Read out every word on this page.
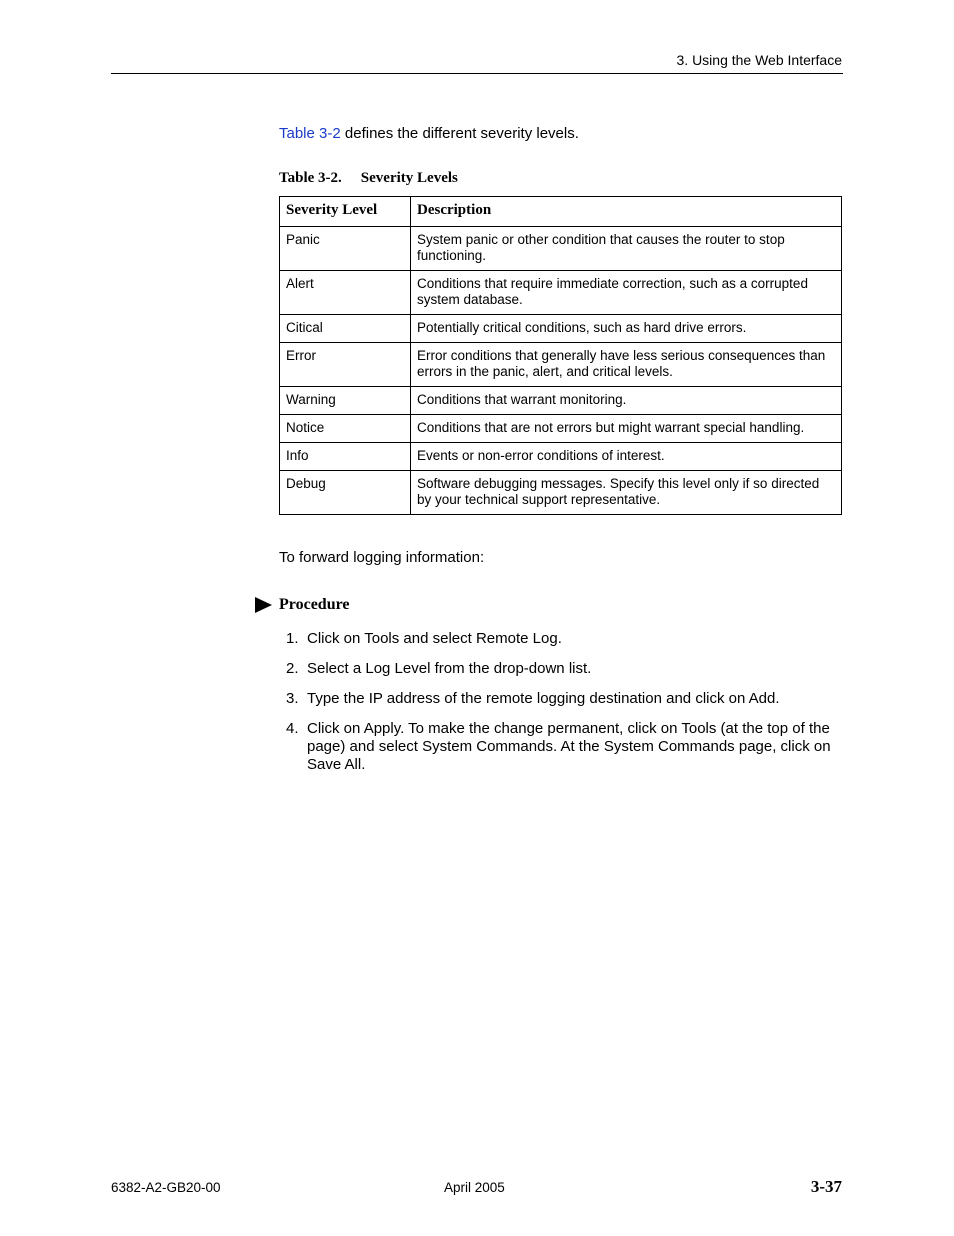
3. Using the Web Interface
Table 3-2 defines the different severity levels.
Table 3-2. Severity Levels
Severity Level	Description
Panic	System panic or other condition that causes the router to stop functioning.
Alert	Conditions that require immediate correction, such as a corrupted system database.
Citical	Potentially critical conditions, such as hard drive errors.
Error	Error conditions that generally have less serious consequences than errors in the panic, alert, and critical levels.
Warning	Conditions that warrant monitoring.
Notice	Conditions that are not errors but might warrant special handling.
Info	Events or non-error conditions of interest.
Debug	Software debugging messages. Specify this level only if so directed by your technical support representative.
To forward logging information:
Procedure
1. Click on Tools and select Remote Log.
2. Select a Log Level from the drop-down list.
3. Type the IP address of the remote logging destination and click on Add.
4. Click on Apply. To make the change permanent, click on Tools (at the top of the page) and select System Commands. At the System Commands page, click on Save All.
6382-A2-GB20-00	April 2005	3-37
